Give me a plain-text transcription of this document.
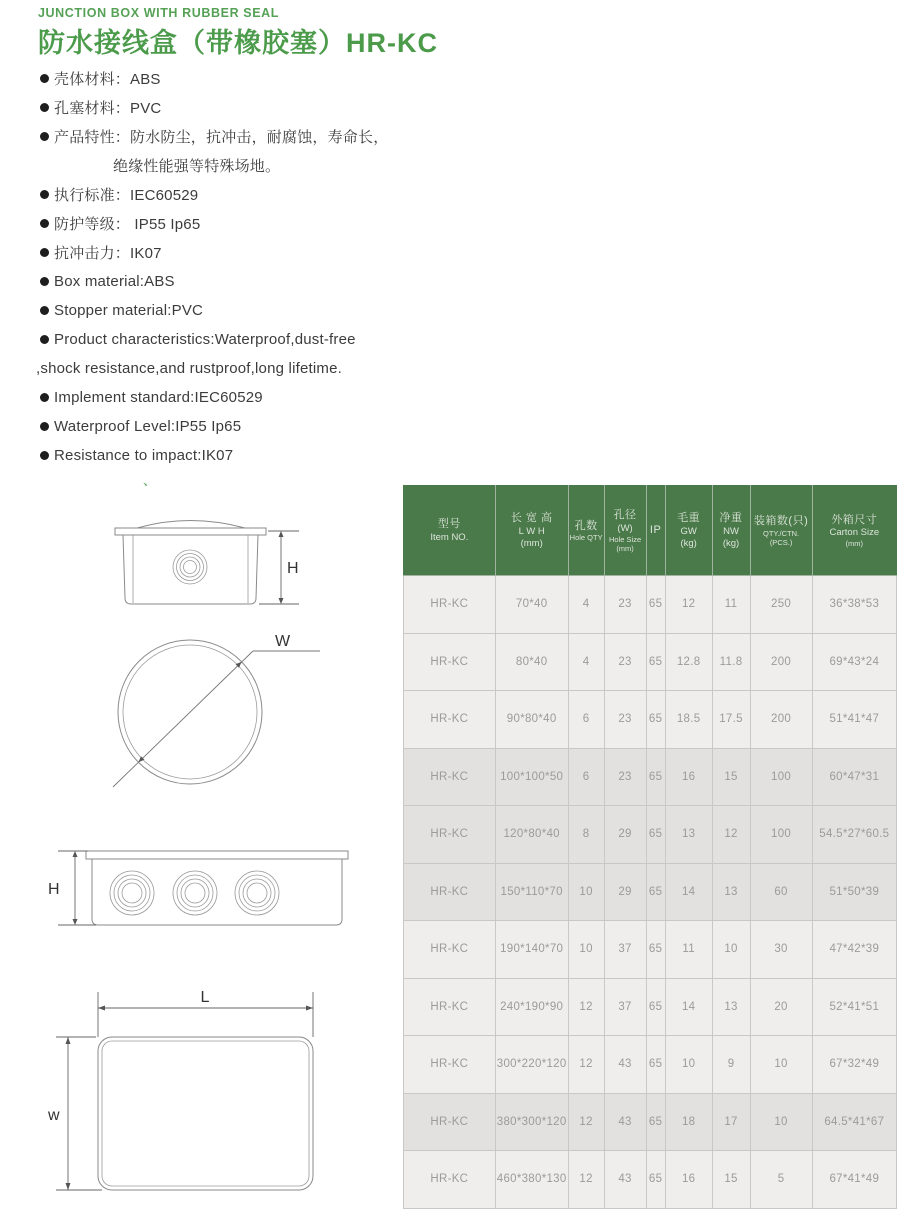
JUNCTION BOX WITH RUBBER SEAL
防水接线盒（带橡胶塞）HR-KC
壳体材料：ABS
孔塞材料：PVC
产品特性：防水防尘，抗冲击，耐腐蚀，寿命长，
绝缘性能强等特殊场地。
执行标准：IEC60529
防护等级： IP55 Ip65
抗冲击力：IK07
Box material:ABS
Stopper material:PVC
Product characteristics:Waterproof,dust-free
,shock resistance,and rustproof,long lifetime.
Implement standard:IEC60529
Waterproof Level:IP55 Ip65
Resistance to impact:IK07
、
H
W
H
L
w
型号
Item NO.	长 宽 高
L W H
(mm)	孔数
Hole QTY	孔径
(W)
Hole Size
(mm)	IP	毛重
GW
(kg)	净重
NW
(kg)	装箱数(只)
QTY./CTN.
(PCS.)	外箱尺寸
Carton Size
(mm)

HR-KC	70*40	4	23	65	12	11	250	36*38*53
HR-KC	80*40	4	23	65	12.8	11.8	200	69*43*24
HR-KC	90*80*40	6	23	65	18.5	17.5	200	51*41*47
HR-KC	100*100*50	6	23	65	16	15	100	60*47*31
HR-KC	120*80*40	8	29	65	13	12	100	54.5*27*60.5
HR-KC	150*110*70	10	29	65	14	13	60	51*50*39
HR-KC	190*140*70	10	37	65	11	10	30	47*42*39
HR-KC	240*190*90	12	37	65	14	13	20	52*41*51
HR-KC	300*220*120	12	43	65	10	9	10	67*32*49
HR-KC	380*300*120	12	43	65	18	17	10	64.5*41*67
HR-KC	460*380*130	12	43	65	16	15	5	67*41*49
